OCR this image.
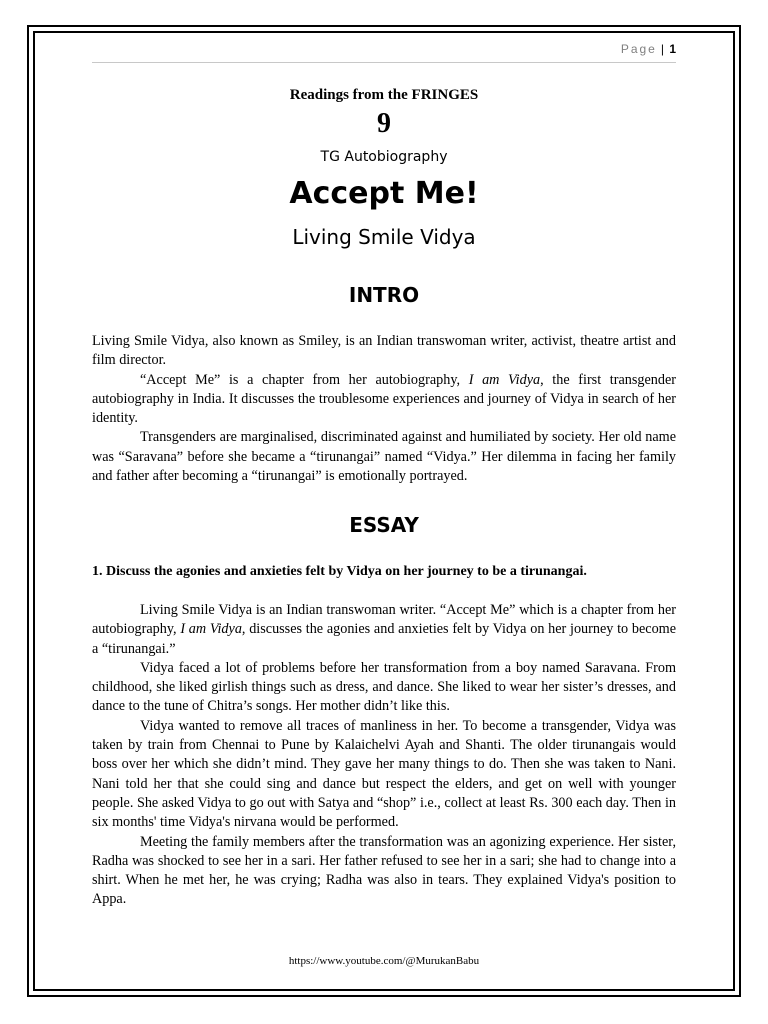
Page | 1
Readings from the FRINGES
9
TG Autobiography
Accept Me!
Living Smile Vidya
INTRO

Living Smile Vidya, also known as Smiley, is an Indian transwoman writer, activist, theatre artist and film director.

“Accept Me” is a chapter from her autobiography, I am Vidya, the first transgender autobiography in India. It discusses the troublesome experiences and journey of Vidya in search of her identity.

Transgenders are marginalised, discriminated against and humiliated by society. Her old name was “Saravana” before she became a “tirunangai” named “Vidya.” Her dilemma in facing her family and father after becoming a “tirunangai” is emotionally portrayed.

ESSAY
1. Discuss the agonies and anxieties felt by Vidya on her journey to be a tirunangai.

Living Smile Vidya is an Indian transwoman writer. “Accept Me” which is a chapter from her autobiography, I am Vidya, discusses the agonies and anxieties felt by Vidya on her journey to become a “tirunangai.”

Vidya faced a lot of problems before her transformation from a boy named Saravana. From childhood, she liked girlish things such as dress, and dance. She liked to wear her sister’s dresses, and dance to the tune of Chitra’s songs. Her mother didn’t like this.

Vidya wanted to remove all traces of manliness in her. To become a transgender, Vidya was taken by train from Chennai to Pune by Kalaichelvi Ayah and Shanti. The older tirunangais would boss over her which she didn’t mind. They gave her many things to do. Then she was taken to Nani. Nani told her that she could sing and dance but respect the elders, and get on well with younger people. She asked Vidya to go out with Satya and “shop” i.e., collect at least Rs. 300 each day. Then in six months' time Vidya's nirvana would be performed.

Meeting the family members after the transformation was an agonizing experience. Her sister, Radha was shocked to see her in a sari. Her father refused to see her in a sari; she had to change into a shirt. When he met her, he was crying; Radha was also in tears. They explained Vidya's position to Appa.

https://www.youtube.com/@MurukanBabu
